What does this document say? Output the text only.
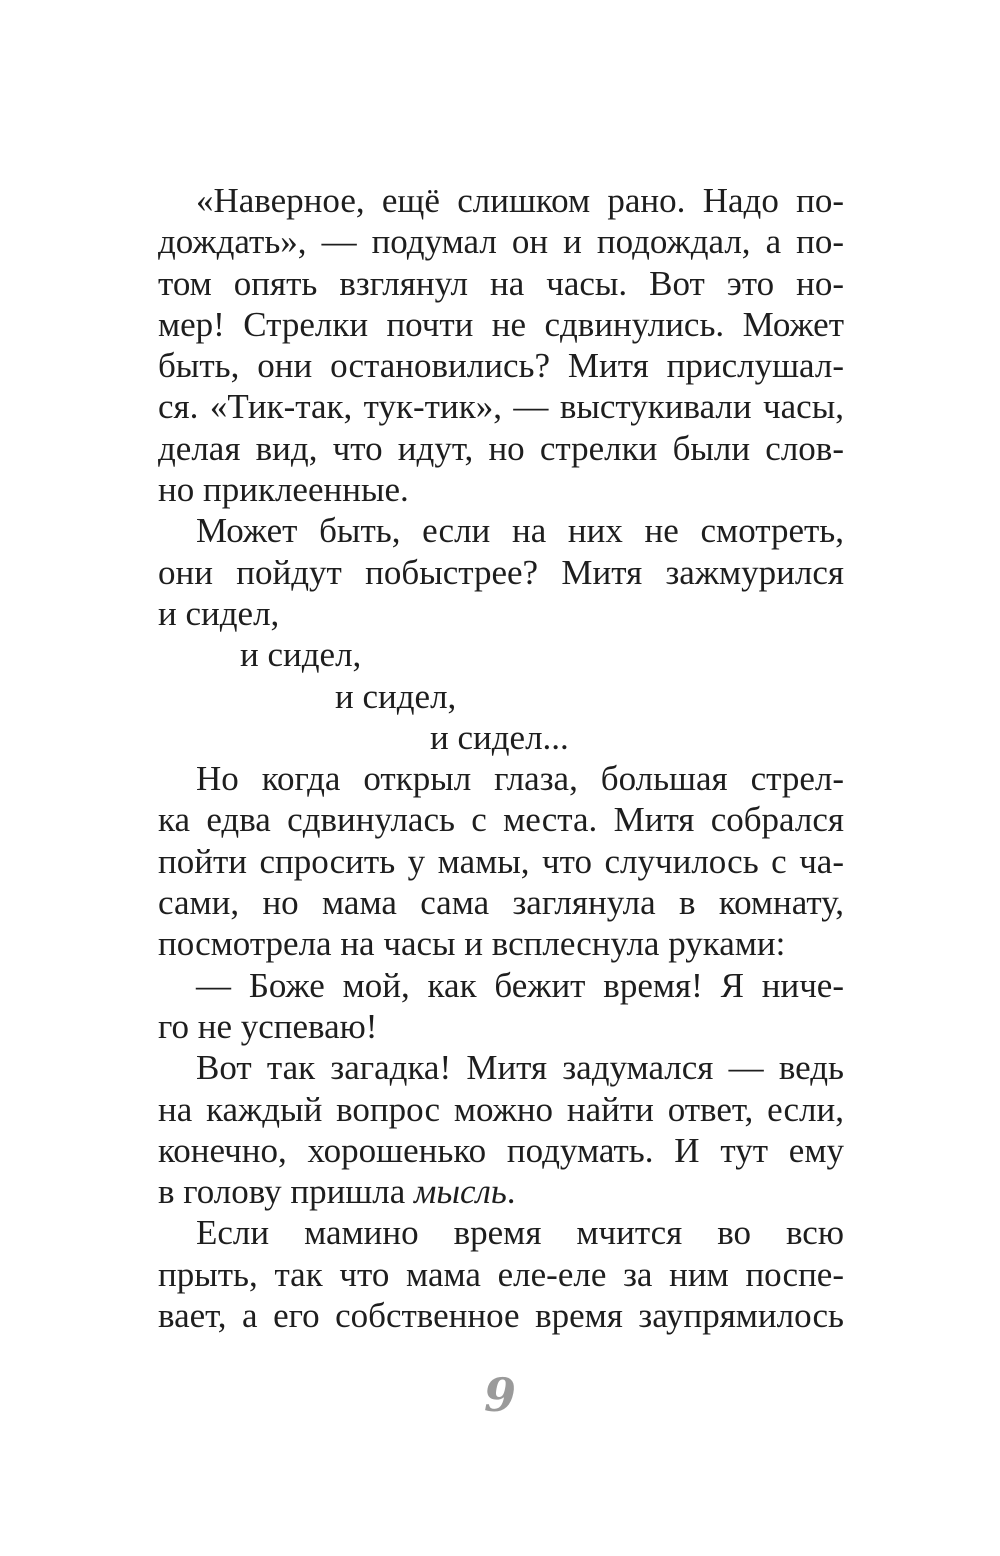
«Наверное, ещё слишком рано. Надо по-
дождать», — подумал он и подождал, а по-
том опять взглянул на часы. Вот это но-
мер! Стрелки почти не сдвинулись. Может
быть, они остановились? Митя прислушал-
ся. «Тик-так, тук-тик», — выстукивали часы,
делая вид, что идут, но стрелки были слов-
но приклеенные.
Может быть, если на них не смотреть,
они пойдут побыстрее? Митя зажмурился
и сидел,
и сидел,
и сидел,
и сидел...
Но когда открыл глаза, большая стрел-
ка едва сдвинулась с места. Митя собрался
пойти спросить у мамы, что случилось с ча-
сами, но мама сама заглянула в комнату,
посмотрела на часы и всплеснула руками:
— Боже мой, как бежит время! Я ниче-
го не успеваю!
Вот так загадка! Митя задумался — ведь
на каждый вопрос можно найти ответ, если,
конечно, хорошенько подумать. И тут ему
в голову пришла мысль.
Если мамино время мчится во всю
прыть, так что мама еле-еле за ним поспе-
вает, а его собственное время заупрямилось
9
